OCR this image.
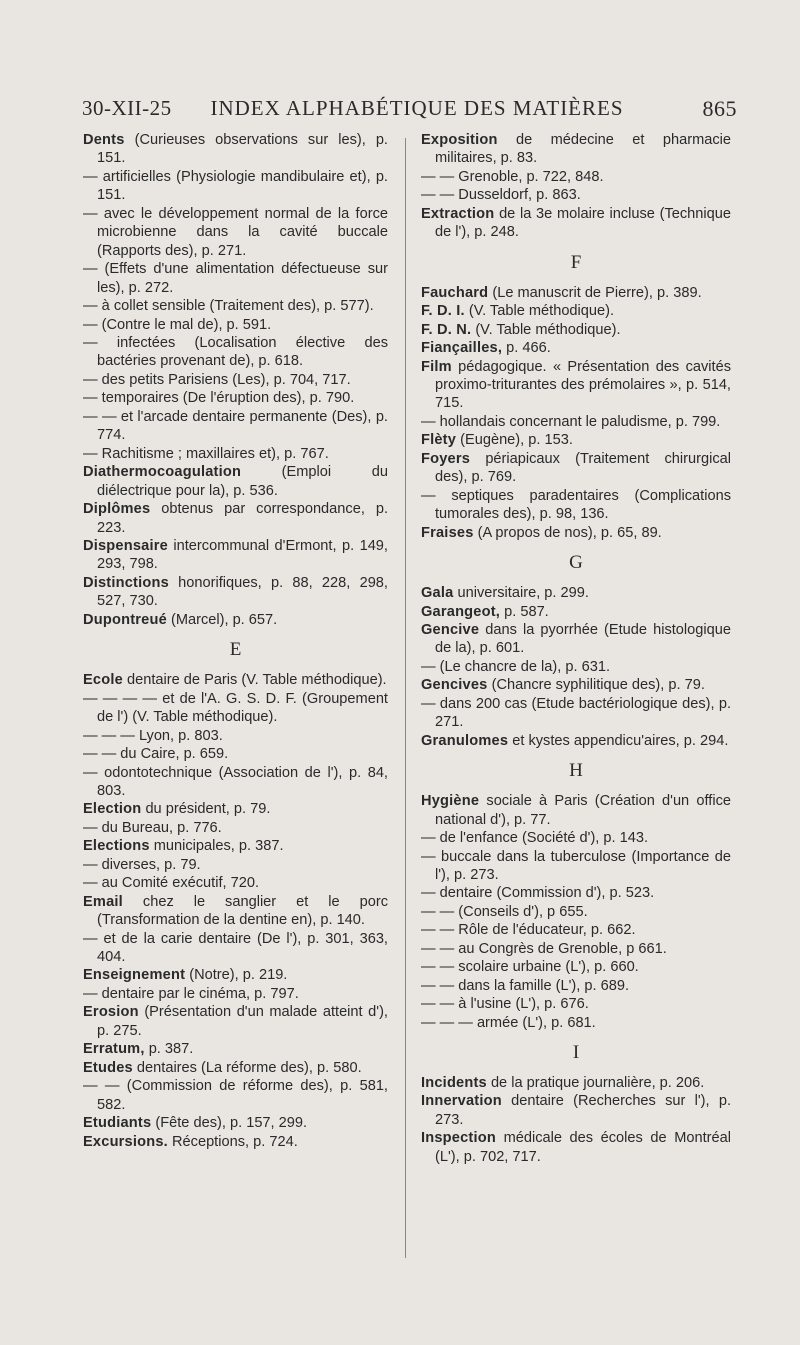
30-XII-25	INDEX ALPHABÉTIQUE DES MATIÈRES	865
Dents (Curieuses observations sur les), p. 151.
— artificielles (Physiologie mandibulaire et), p. 151.
— avec le développement normal de la force microbienne dans la cavité buccale (Rapports des), p. 271.
— (Effets d'une alimentation défectueuse sur les), p. 272.
— à collet sensible (Traitement des), p. 577).
— (Contre le mal de), p. 591.
— infectées (Localisation élective des bactéries provenant de), p. 618.
— des petits Parisiens (Les), p. 704, 717.
— temporaires (De l'éruption des), p. 790.
— — et l'arcade dentaire permanente (Des), p. 774.
— Rachitisme ; maxillaires et), p. 767.
Diathermocoagulation	(Emploi du diélectrique pour la), p. 536.
Diplômes obtenus par correspondance, p. 223.
Dispensaire intercommunal d'Ermont, p. 149, 293, 798.
Distinctions honorifiques, p. 88, 228, 298, 527, 730.
Dupontreué (Marcel), p. 657.
E
Ecole dentaire de Paris (V. Table méthodique).
— — — — et de l'A. G. S. D. F. (Groupement de l') (V. Table méthodique).
— — — Lyon, p. 803.
— — du Caire, p. 659.
— odontotechnique (Association de l'), p. 84, 803.
Election du président, p. 79.
— du Bureau, p. 776.
Elections municipales, p. 387.
— diverses, p. 79.
— au Comité exécutif, 720.
Email chez le sanglier et le porc (Transformation de la dentine en), p. 140.
— et de la carie dentaire (De l'), p. 301, 363, 404.
Enseignement (Notre), p. 219.
— dentaire par le cinéma, p. 797.
Erosion (Présentation d'un malade atteint d'), p. 275.
Erratum, p. 387.
Etudes dentaires (La réforme des), p. 580.
— — (Commission de réforme des), p. 581, 582.
Etudiants (Fête des), p. 157, 299.
Excursions. Réceptions, p. 724.
Exposition de médecine et pharmacie militaires, p. 83.
— — Grenoble, p. 722, 848.
— — Dusseldorf, p. 863.
Extraction de la 3e molaire incluse (Technique de l'), p. 248.
F
Fauchard (Le manuscrit de Pierre), p. 389.
F. D. I. (V. Table méthodique).
F. D. N. (V. Table méthodique).
Fiançailles, p. 466.
Film pédagogique. « Présentation des cavités proximo-triturantes des prémolaires », p. 514, 715.
— hollandais concernant le paludisme, p. 799.
Flèty (Eugène), p. 153.
Foyers périapicaux (Traitement chirurgical des), p. 769.
— septiques paradentaires (Complications tumorales des), p. 98, 136.
Fraises (A propos de nos), p. 65, 89.
G
Gala universitaire, p. 299.
Garangeot, p. 587.
Gencive dans la pyorrhée (Etude histologique de la), p. 601.
— (Le chancre de la), p. 631.
Gencives (Chancre syphilitique des), p. 79.
— dans 200 cas (Etude bactériologique des), p. 271.
Granulomes et kystes appendicu'aires, p. 294.
H
Hygiène sociale à Paris (Création d'un office national d'), p. 77.
— de l'enfance (Société d'), p. 143.
— buccale dans la tuberculose (Importance de l'), p. 273.
— dentaire (Commission d'), p. 523.
— — (Conseils d'), p 655.
— — Rôle de l'éducateur, p. 662.
— — au Congrès de Grenoble, p 661.
— — scolaire urbaine (L'), p. 660.
— — dans la famille (L'), p. 689.
— — à l'usine (L'), p. 676.
— — — armée (L'), p. 681.
I
Incidents de la pratique journalière, p. 206.
Innervation dentaire (Recherches sur l'), p. 273.
Inspection médicale des écoles de Montréal (L'), p. 702, 717.
